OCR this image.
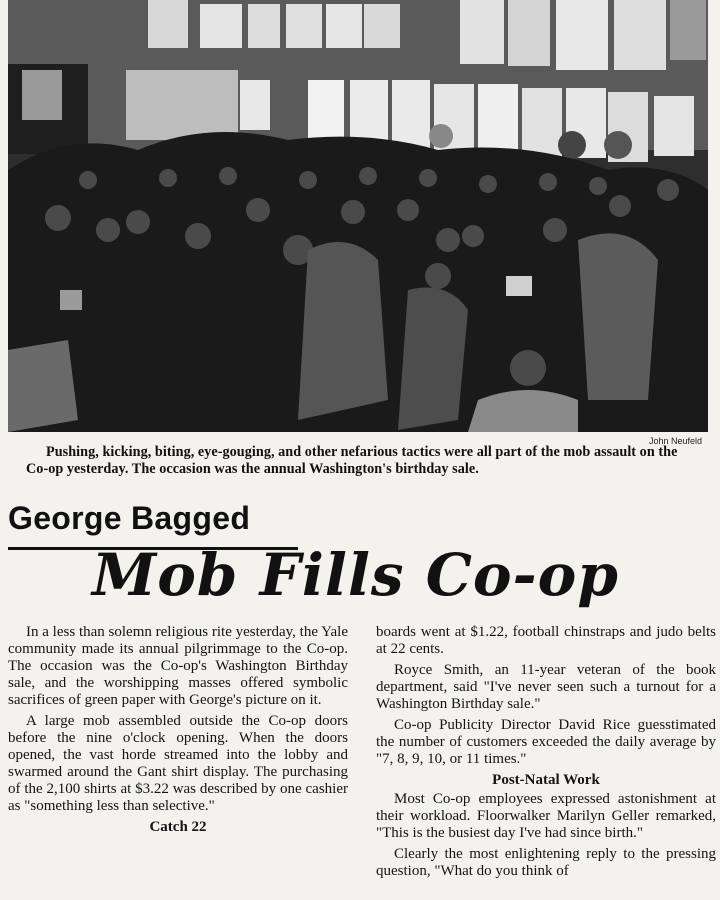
John Neufeld
Pushing, kicking, biting, eye-gouging, and other nefarious tactics were all part of the mob assault on the Co-op yesterday. The occasion was the annual Washington's birthday sale.
George Bagged
Mob Fills Co-op

In a less than solemn religious rite yesterday, the Yale community made its annual pilgrimmage to the Co-op. The occasion was the Co-op's Washington Birthday sale, and the worshipping masses offered symbolic sacrifices of green paper with George's picture on it.

A large mob assembled outside the Co-op doors before the nine o'clock opening. When the doors opened, the vast horde streamed into the lobby and swarmed around the Gant shirt display. The purchasing of the 2,100 shirts at $3.22 was described by one cashier as "something less than selective."

Catch 22

boards went at $1.22, football chinstraps and judo belts at 22 cents.

Royce Smith, an 11-year veteran of the book department, said "I've never seen such a turnout for a Washington Birthday sale."

Co-op Publicity Director David Rice guesstimated the number of customers exceeded the daily average by "7, 8, 9, 10, or 11 times."

Post-Natal Work

Most Co-op employees expressed astonishment at their workload. Floorwalker Marilyn Geller remarked, "This is the busiest day I've had since birth."

Clearly the most enlightening reply to the pressing question, "What do you think of
